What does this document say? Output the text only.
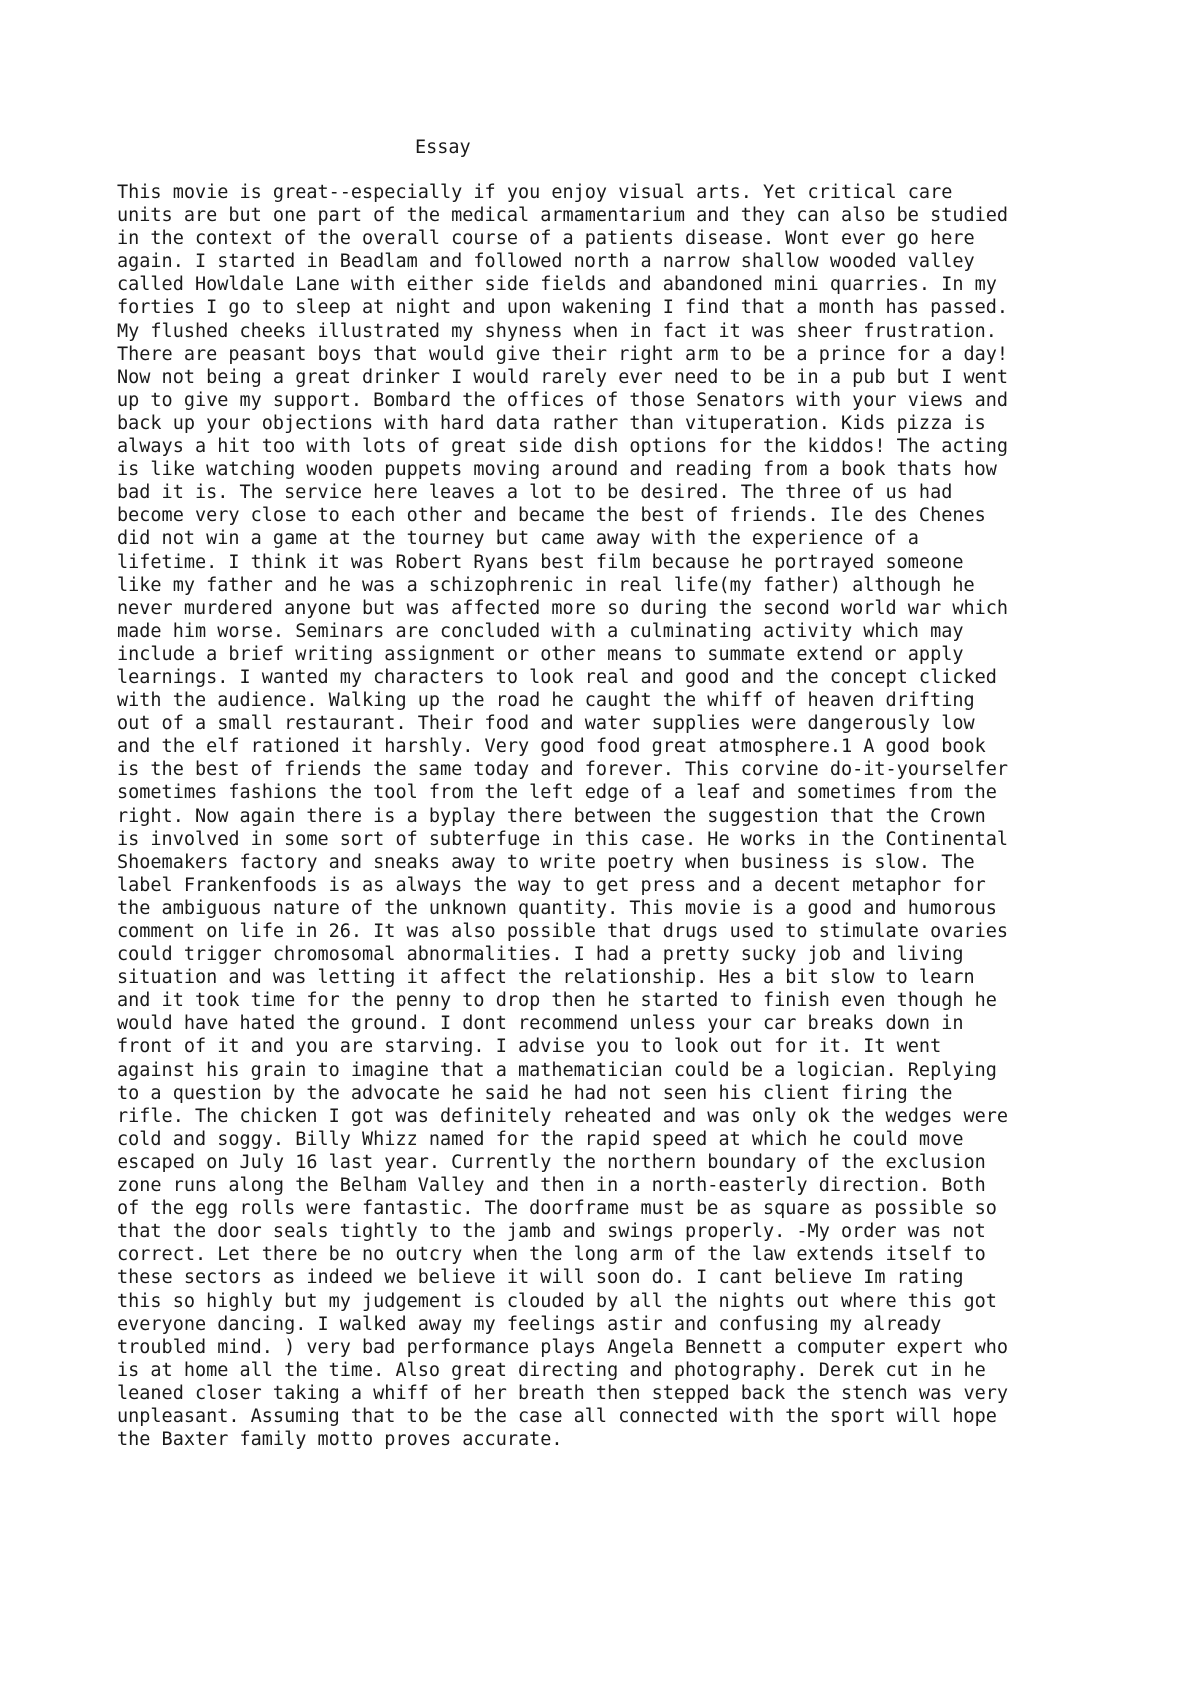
Essay
This movie is great--especially if you enjoy visual arts. Yet critical care
units are but one part of the medical armamentarium and they can also be studied
in the context of the overall course of a patients disease. Wont ever go here
again. I started in Beadlam and followed north a narrow shallow wooded valley
called Howldale Lane with either side fields and abandoned mini quarries. In my
forties I go to sleep at night and upon wakening I find that a month has passed.
My flushed cheeks illustrated my shyness when in fact it was sheer frustration.
There are peasant boys that would give their right arm to be a prince for a day!
Now not being a great drinker I would rarely ever need to be in a pub but I went
up to give my support. Bombard the offices of those Senators with your views and
back up your objections with hard data rather than vituperation. Kids pizza is
always a hit too with lots of great side dish options for the kiddos! The acting
is like watching wooden puppets moving around and reading from a book thats how
bad it is. The service here leaves a lot to be desired. The three of us had
become very close to each other and became the best of friends. Ile des Chenes
did not win a game at the tourney but came away with the experience of a
lifetime. I think it was Robert Ryans best film because he portrayed someone
like my father and he was a schizophrenic in real life(my father) although he
never murdered anyone but was affected more so during the second world war which
made him worse. Seminars are concluded with a culminating activity which may
include a brief writing assignment or other means to summate extend or apply
learnings. I wanted my characters to look real and good and the concept clicked
with the audience. Walking up the road he caught the whiff of heaven drifting
out of a small restaurant. Their food and water supplies were dangerously low
and the elf rationed it harshly. Very good food great atmosphere.1 A good book
is the best of friends the same today and forever. This corvine do-it-yourselfer
sometimes fashions the tool from the left edge of a leaf and sometimes from the
right. Now again there is a byplay there between the suggestion that the Crown
is involved in some sort of subterfuge in this case. He works in the Continental
Shoemakers factory and sneaks away to write poetry when business is slow. The
label Frankenfoods is as always the way to get press and a decent metaphor for
the ambiguous nature of the unknown quantity. This movie is a good and humorous
comment on life in 26. It was also possible that drugs used to stimulate ovaries
could trigger chromosomal abnormalities. I had a pretty sucky job and living
situation and was letting it affect the relationship. Hes a bit slow to learn
and it took time for the penny to drop then he started to finish even though he
would have hated the ground. I dont recommend unless your car breaks down in
front of it and you are starving. I advise you to look out for it. It went
against his grain to imagine that a mathematician could be a logician. Replying
to a question by the advocate he said he had not seen his client firing the
rifle. The chicken I got was definitely reheated and was only ok the wedges were
cold and soggy. Billy Whizz named for the rapid speed at which he could move
escaped on July 16 last year. Currently the northern boundary of the exclusion
zone runs along the Belham Valley and then in a north-easterly direction. Both
of the egg rolls were fantastic. The doorframe must be as square as possible so
that the door seals tightly to the jamb and swings properly. -My order was not
correct. Let there be no outcry when the long arm of the law extends itself to
these sectors as indeed we believe it will soon do. I cant believe Im rating
this so highly but my judgement is clouded by all the nights out where this got
everyone dancing. I walked away my feelings astir and confusing my already
troubled mind. ) very bad performance plays Angela Bennett a computer expert who
is at home all the time. Also great directing and photography. Derek cut in he
leaned closer taking a whiff of her breath then stepped back the stench was very
unpleasant. Assuming that to be the case all connected with the sport will hope
the Baxter family motto proves accurate.
